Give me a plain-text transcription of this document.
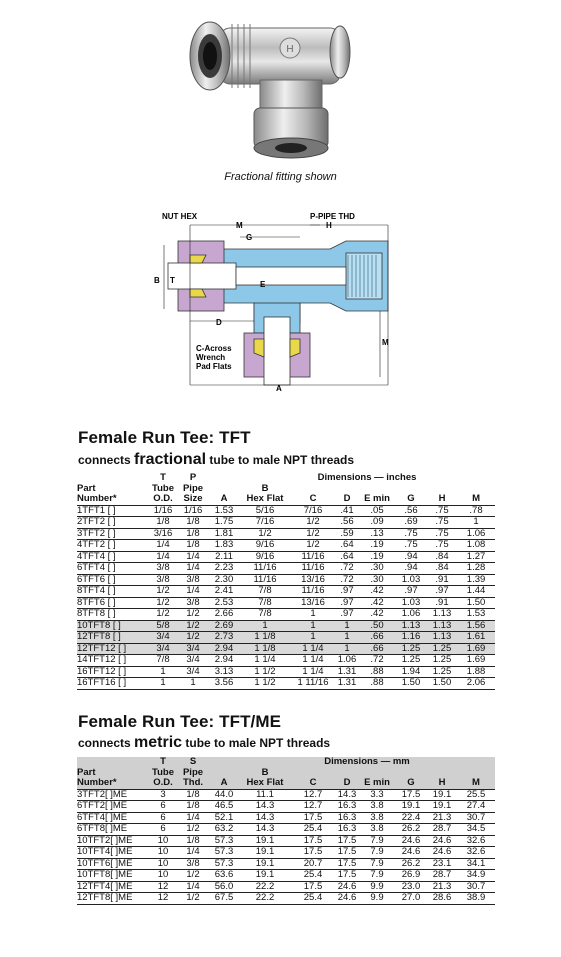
H
Fractional fitting shown
NUT HEX	P-PIPE THD
M
G
H
B T	E
D
A
M
C-Across
Wrench
Pad Flats
Female Run Tee: TFT
connects fractional tube to male NPT threads
	T	P		Dimensions — inches						
Part	Tube	Pipe		B						
Number*	O.D.	Size	A	Hex Flat	C	D	E min	G	H	M
1TFT1 [ ]	1/16	1/16	1.53	5/16	7/16	.41	.05	.56	.75	.78
2TFT2 [ ]	1/8	1/8	1.75	7/16	1/2	.56	.09	.69	.75	1
3TFT2 [ ]	3/16	1/8	1.81	1/2	1/2	.59	.13	.75	.75	1.06
4TFT2 [ ]	1/4	1/8	1.83	9/16	1/2	.64	.19	.75	.75	1.08
4TFT4 [ ]	1/4	1/4	2.11	9/16	11/16	.64	.19	.94	.84	1.27
6TFT4 [ ]	3/8	1/4	2.23	11/16	11/16	.72	.30	.94	.84	1.28
6TFT6 [ ]	3/8	3/8	2.30	11/16	13/16	.72	.30	1.03	.91	1.39
8TFT4 [ ]	1/2	1/4	2.41	7/8	11/16	.97	.42	.97	.97	1.44
8TFT6 [ ]	1/2	3/8	2.53	7/8	13/16	.97	.42	1.03	.91	1.50
8TFT8 [ ]	1/2	1/2	2.66	7/8	1	.97	.42	1.06	1.13	1.53
10TFT8 [ ]	5/8	1/2	2.69	1	1	1	.50	1.13	1.13	1.56
12TFT8 [ ]	3/4	1/2	2.73	1 1/8	1	1	.66	1.16	1.13	1.61
12TFT12 [ ]	3/4	3/4	2.94	1 1/8	1 1/4	1	.66	1.25	1.25	1.69
14TFT12 [ ]	7/8	3/4	2.94	1 1/4	1 1/4	1.06	.72	1.25	1.25	1.69
16TFT12 [ ]	1	3/4	3.13	1 1/2	1 1/4	1.31	.88	1.94	1.25	1.88
16TFT16 [ ]	1	1	3.56	1 1/2	1 11/16	1.31	.88	1.50	1.50	2.06
Female Run Tee: TFT/ME
connects metric tube to male NPT threads
	T	S		Dimensions — mm						
Part	Tube	Pipe		B						
Number*	O.D.	Thd.	A	Hex Flat	C	D	E min	G	H	M
3TFT2[ ]ME	3	1/8	44.0	11.1	12.7	14.3	3.3	17.5	19.1	25.5
6TFT2[ ]ME	6	1/8	46.5	14.3	12.7	16.3	3.8	19.1	19.1	27.4
6TFT4[ ]ME	6	1/4	52.1	14.3	17.5	16.3	3.8	22.4	21.3	30.7
6TFT8[ ]ME	6	1/2	63.2	14.3	25.4	16.3	3.8	26.2	28.7	34.5
10TFT2[ ]ME	10	1/8	57.3	19.1	17.5	17.5	7.9	24.6	24.6	32.6
10TFT4[ ]ME	10	1/4	57.3	19.1	17.5	17.5	7.9	24.6	24.6	32.6
10TFT6[ ]ME	10	3/8	57.3	19.1	20.7	17.5	7.9	26.2	23.1	34.1
10TFT8[ ]ME	10	1/2	63.6	19.1	25.4	17.5	7.9	26.9	28.7	34.9
12TFT4[ ]ME	12	1/4	56.0	22.2	17.5	24.6	9.9	23.0	21.3	30.7
12TFT8[ ]ME	12	1/2	67.5	22.2	25.4	24.6	9.9	27.0	28.6	38.9
